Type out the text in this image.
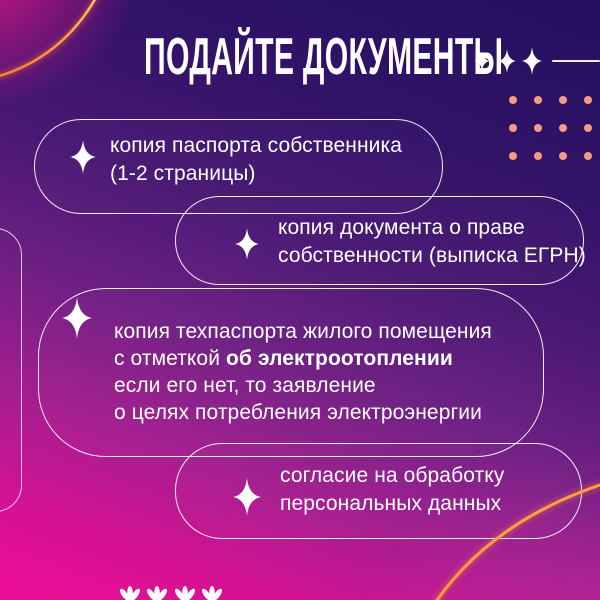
ПОДАЙТЕ ДОКУМЕНТЫ
копия паспорта собственника
(1-2 страницы)
копия документа о праве
собственности (выписка ЕГРН)
копия техпаспорта жилого помещения
с отметкой об электроотоплении
если его нет, то заявление
о целях потребления электроэнергии
согласие на обработку
персональных данных
